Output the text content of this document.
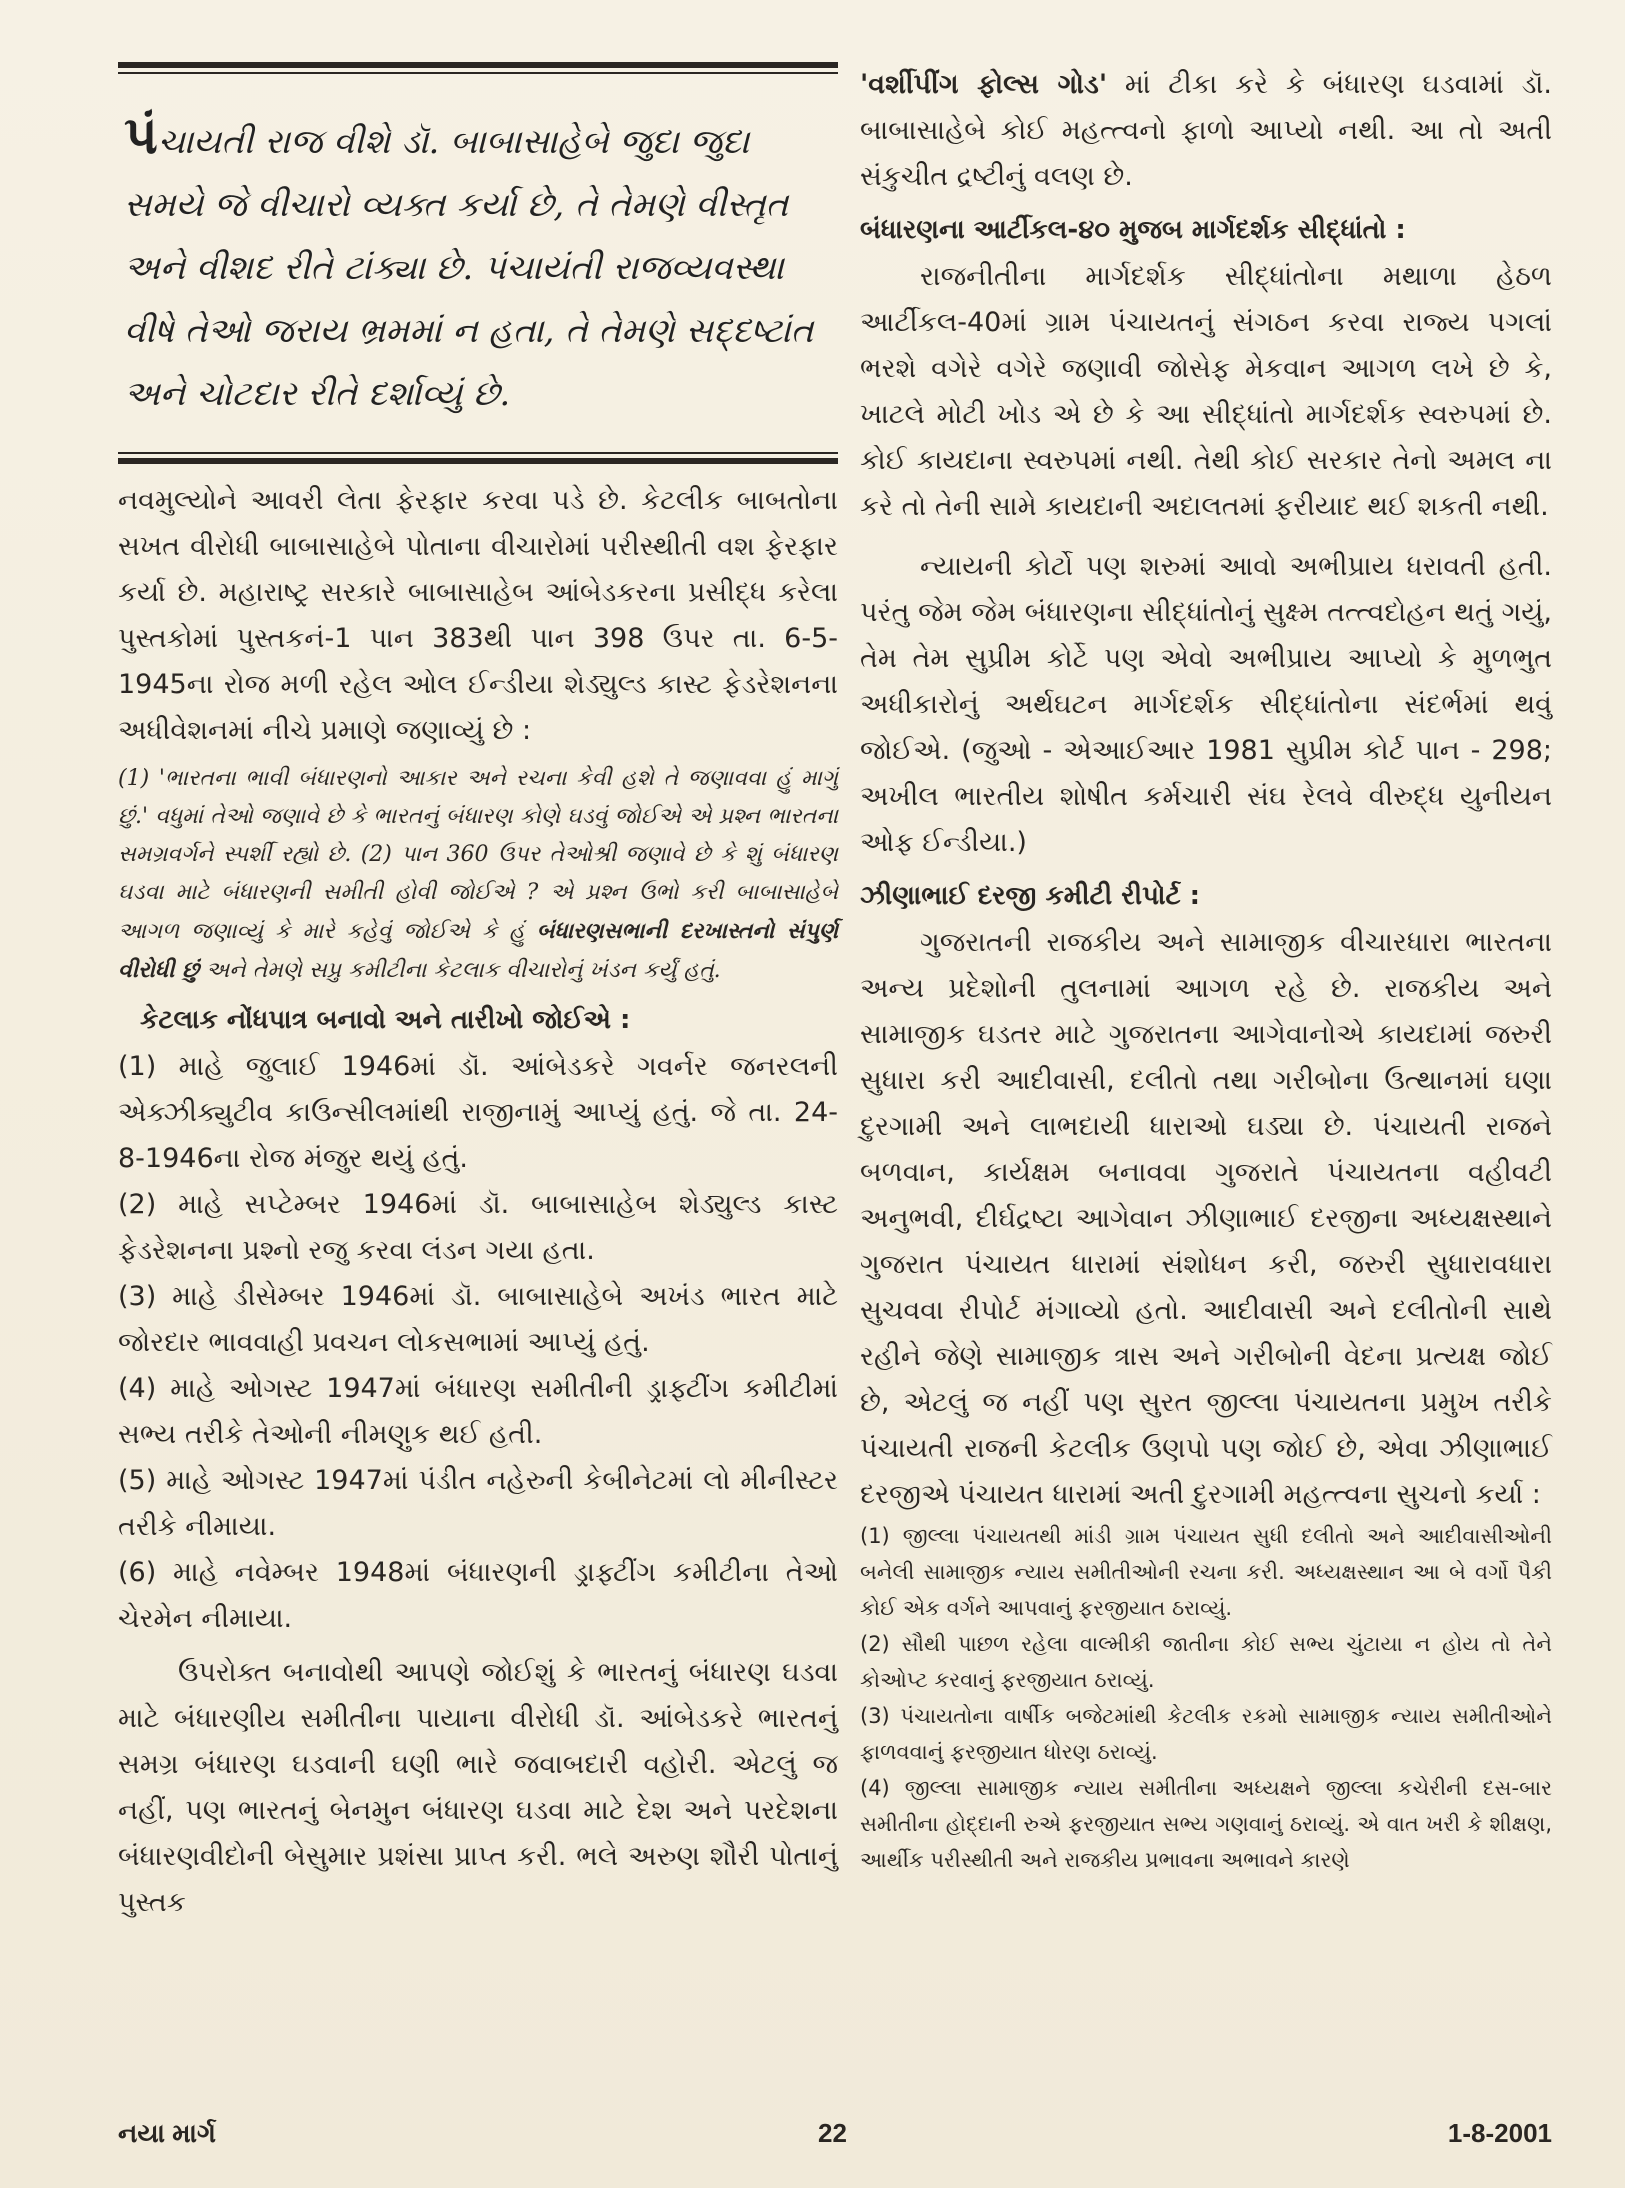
પંચાયતી રાજ વીશે ડૉ. બાબાસાહેબે જુદા જુદા સમયે જે વીચારો વ્યક્ત કર્યા છે, તે તેમણે વીસ્તૃત અને વીશદ રીતે ટાંક્યા છે. પંચાયંતી રાજવ્યવસ્થા વીષે તેઓ જરાય ભ્રમમાં ન હતા, તે તેમણે સદ્દષ્ટાંત અને ચોટદાર રીતે દર્શાવ્યું છે.

નવમુલ્યોને આવરી લેતા ફેરફાર કરવા પડે છે. કેટલીક બાબતોના સખત વીરોધી બાબાસાહેબે પોતાના વીચારોમાં પરીસ્થીતી વશ ફેરફાર કર્યા છે. મહારાષ્ટ્ર સરકારે બાબાસાહેબ આંબેડકરના પ્રસીદ્ધ કરેલા પુસ્તકોમાં પુસ્તકનં-1 પાન 383થી પાન 398 ઉપર તા. 6-5-1945ના રોજ મળી રહેલ ઓલ ઈન્ડીયા શેડ્યુલ્ડ કાસ્ટ ફેડરેશનના અધીવેશનમાં નીચે પ્રમાણે જણાવ્યું છે :

(1) 'ભારતના ભાવી બંધારણનો આકાર અને રચના કેવી હશે તે જણાવવા હું માગું છું.' વધુમાં તેઓ જણાવે છે કે ભારતનું બંધારણ કોણે ઘડવું જોઈએ એ પ્રશ્ન ભારતના સમગ્રવર્ગને સ્પર્શી રહ્યો છે. (2) પાન 360 ઉપર તેઓશ્રી જણાવે છે કે શું બંધારણ ઘડવા માટે બંધારણની સમીતી હોવી જોઈએ ? એ પ્રશ્ન ઉભો કરી બાબાસાહેબે આગળ જણાવ્યું કે મારે કહેવું જોઈએ કે હું બંધારણસભાની દરખાસ્તનો સંપુર્ણ વીરોધી છું અને તેમણે સપ્રુ કમીટીના કેટલાક વીચારોનું ખંડન કર્યું હતું.

કેટલાક નોંધપાત્ર બનાવો અને તારીખો જોઈએ :

(1) માહે જુલાઈ 1946માં ડૉ. આંબેડકરે ગવર્નર જનરલની એક્ઝીક્યુટીવ કાઉન્સીલમાંથી રાજીનામું આપ્યું હતું. જે તા. 24-8-1946ના રોજ મંજુર થયું હતું.

(2) માહે સપ્ટેમ્બર 1946માં ડૉ. બાબાસાહેબ શેડ્યુલ્ડ કાસ્ટ ફેડરેશનના પ્રશ્નો રજુ કરવા લંડન ગયા હતા.

(3) માહે ડીસેમ્બર 1946માં ડૉ. બાબાસાહેબે અખંડ ભારત માટે જોરદાર ભાવવાહી પ્રવચન લોકસભામાં આપ્યું હતું.

(4) માહે ઓગસ્ટ 1947માં બંધારણ સમીતીની ડ્રાફ્ટીંગ કમીટીમાં સભ્ય તરીકે તેઓની નીમણુક થઈ હતી.

(5) માહે ઓગસ્ટ 1947માં પંડીત નહેરુની કેબીનેટમાં લો મીનીસ્ટર તરીકે નીમાયા.

(6) માહે નવેમ્બર 1948માં બંધારણની ડ્રાફ્ટીંગ કમીટીના તેઓ ચેરમેન નીમાયા.

ઉપરોક્ત બનાવોથી આપણે જોઈશું કે ભારતનું બંધારણ ઘડવા માટે બંધારણીય સમીતીના પાયાના વીરોધી ડૉ. આંબેડકરે ભારતનું સમગ્ર બંધારણ ઘડવાની ઘણી ભારે જવાબદારી વહોરી. એટલું જ નહીં, પણ ભારતનું બેનમુન બંધારણ ઘડવા માટે દેશ અને પરદેશના બંધારણવીદોની બેસુમાર પ્રશંસા પ્રાપ્ત કરી. ભલે અરુણ શૌરી પોતાનું પુસ્તક

'વર્શીપીંગ ફોલ્સ ગોડ' માં ટીકા કરે કે બંધારણ ઘડવામાં ડૉ. બાબાસાહેબે કોઈ મહત્ત્વનો ફાળો આપ્યો નથી. આ તો અતી સંકુચીત દ્રષ્ટીનું વલણ છે.

બંધારણના આર્ટીકલ-૪૦ મુજબ માર્ગદર્શક સીદ્ધાંતો :

રાજનીતીના માર્ગદર્શક સીદ્ધાંતોના મથાળા હેઠળ આર્ટીકલ-40માં ગ્રામ પંચાયતનું સંગઠન કરવા રાજ્ય પગલાં ભરશે વગેરે વગેરે જણાવી જોસેફ મેકવાન આગળ લખે છે કે, ખાટલે મોટી ખોડ એ છે કે આ સીદ્ધાંતો માર્ગદર્શક સ્વરુપમાં છે. કોઈ કાયદાના સ્વરુપમાં નથી. તેથી કોઈ સરકાર તેનો અમલ ના કરે તો તેની સામે કાયદાની અદાલતમાં ફરીયાદ થઈ શકતી નથી.

ન્યાયની કોર્ટો પણ શરુમાં આવો અભીપ્રાય ધરાવતી હતી. પરંતુ જેમ જેમ બંધારણના સીદ્ધાંતોનું સુક્ષ્મ તત્ત્વદોહન થતું ગયું, તેમ તેમ સુપ્રીમ કોર્ટે પણ એવો અભીપ્રાય આપ્યો કે મુળભુત અધીકારોનું અર્થઘટન માર્ગદર્શક સીદ્ધાંતોના સંદર્ભમાં થવું જોઈએ. (જુઓ - એઆઈઆર 1981 સુપ્રીમ કોર્ટ પાન - 298; અખીલ ભારતીય શોષીત કર્મચારી સંઘ રેલવે વીરુદ્ધ યુનીયન ઓફ ઈન્ડીયા.)

ઝીણાભાઈ દરજી કમીટી રીપોર્ટ :

ગુજરાતની રાજકીય અને સામાજીક વીચારધારા ભારતના અન્ય પ્રદેશોની તુલનામાં આગળ રહે છે. રાજકીય અને સામાજીક ઘડતર માટે ગુજરાતના આગેવાનોએ કાયદામાં જરુરી સુધારા કરી આદીવાસી, દલીતો તથા ગરીબોના ઉત્થાનમાં ઘણા દુરગામી અને લાભદાયી ધારાઓ ઘડ્યા છે. પંચાયતી રાજને બળવાન, કાર્યક્ષમ બનાવવા ગુજરાતે પંચાયતના વહીવટી અનુભવી, દીર્ઘદ્રષ્ટા આગેવાન ઝીણાભાઈ દરજીના અધ્યક્ષસ્થાને ગુજરાત પંચાયત ધારામાં સંશોધન કરી, જરુરી સુધારાવધારા સુચવવા રીપોર્ટ મંગાવ્યો હતો. આદીવાસી અને દલીતોની સાથે રહીને જેણે સામાજીક ત્રાસ અને ગરીબોની વેદના પ્રત્યક્ષ જોઈ છે, એટલું જ નહીં પણ સુરત જીલ્લા પંચાયતના પ્રમુખ તરીકે પંચાયતી રાજની કેટલીક ઉણપો પણ જોઈ છે, એવા ઝીણાભાઈ દરજીએ પંચાયત ધારામાં અતી દુરગામી મહત્ત્વના સુચનો કર્યા :

(1) જીલ્લા પંચાયતથી માંડી ગ્રામ પંચાયત સુધી દલીતો અને આદીવાસીઓની બનેલી સામાજીક ન્યાય સમીતીઓની રચના કરી. અધ્યક્ષસ્થાન આ બે વર્ગો પૈકી કોઈ એક વર્ગને આપવાનું ફરજીયાત ઠરાવ્યું.

(2) સૌથી પાછળ રહેલા વાલ્મીકી જાતીના કોઈ સભ્ય ચુંટાયા ન હોય તો તેને કોઓપ્ટ કરવાનું ફરજીયાત ઠરાવ્યું.

(3) પંચાયતોના વાર્ષીક બજેટમાંથી કેટલીક રકમો સામાજીક ન્યાય સમીતીઓને ફાળવવાનું ફરજીયાત ધોરણ ઠરાવ્યું.

(4) જીલ્લા સામાજીક ન્યાય સમીતીના અધ્યક્ષને જીલ્લા કચેરીની દસ-બાર સમીતીના હોદ્દાની રુએ ફરજીયાત સભ્ય ગણવાનું ઠરાવ્યું. એ વાત ખરી કે શીક્ષણ, આર્થીક પરીસ્થીતી અને રાજકીય પ્રભાવના અભાવને કારણે

નયા માર્ગ	22	1-8-2001
